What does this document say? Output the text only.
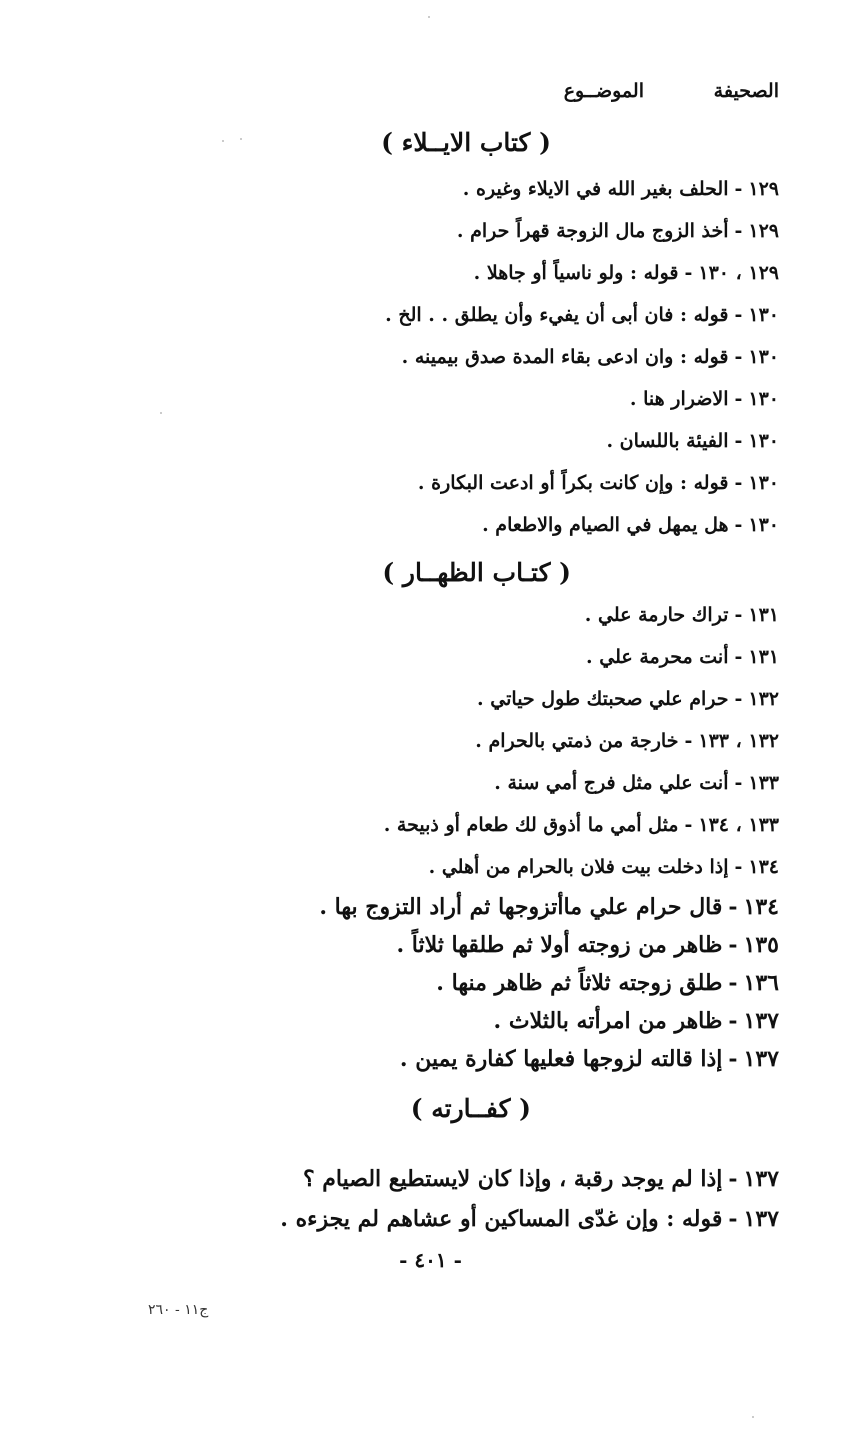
الصحيفة
الموضــوع
( كتاب الايــلاء )
١٢٩-الحلف بغير الله في الايلاء وغيره .
١٢٩-أخذ الزوج مال الزوجة قهراً حرام .
١٢٩ ، ١٣٠-قوله : ولو ناسياً أو جاهلا .
١٣٠-قوله : فان أبى أن يفيء وأن يطلق . . الخ .
١٣٠-قوله : وان ادعى بقاء المدة صدق بيمينه .
١٣٠-الاضرار هنا .
١٣٠-الفيئة باللسان .
١٣٠-قوله : وإن كانت بكراً أو ادعت البكارة .
١٣٠-هل يمهل في الصيام والاطعام .
( كتـاب الظهــار )
١٣١-تراك حارمة علي .
١٣١-أنت محرمة علي .
١٣٢-حرام علي صحبتك طول حياتي .
١٣٢ ، ١٣٣-خارجة من ذمتي بالحرام .
١٣٣-أنت علي مثل فرج أمي سنة .
١٣٣ ، ١٣٤-مثل أمي ما أذوق لك طعام أو ذبيحة .
١٣٤-إذا دخلت بيت فلان بالحرام من أهلي .
١٣٤-قال حرام علي ماأتزوجها ثم أراد التزوج بها .
١٣٥-ظاهر من زوجته أولا ثم طلقها ثلاثاً .
١٣٦-طلق زوجته ثلاثاً ثم ظاهر منها .
١٣٧-ظاهر من امرأته بالثلاث .
١٣٧-إذا قالته لزوجها فعليها كفارة يمين .
( كفــارته )
١٣٧-إذا لم يوجد رقبة ، وإذا كان لايستطيع الصيام ؟
١٣٧-قوله : وإن غدّى المساكين أو عشاهم لم يجزءه .
- ٤٠١ -
ج١١ - ٢٦٠
